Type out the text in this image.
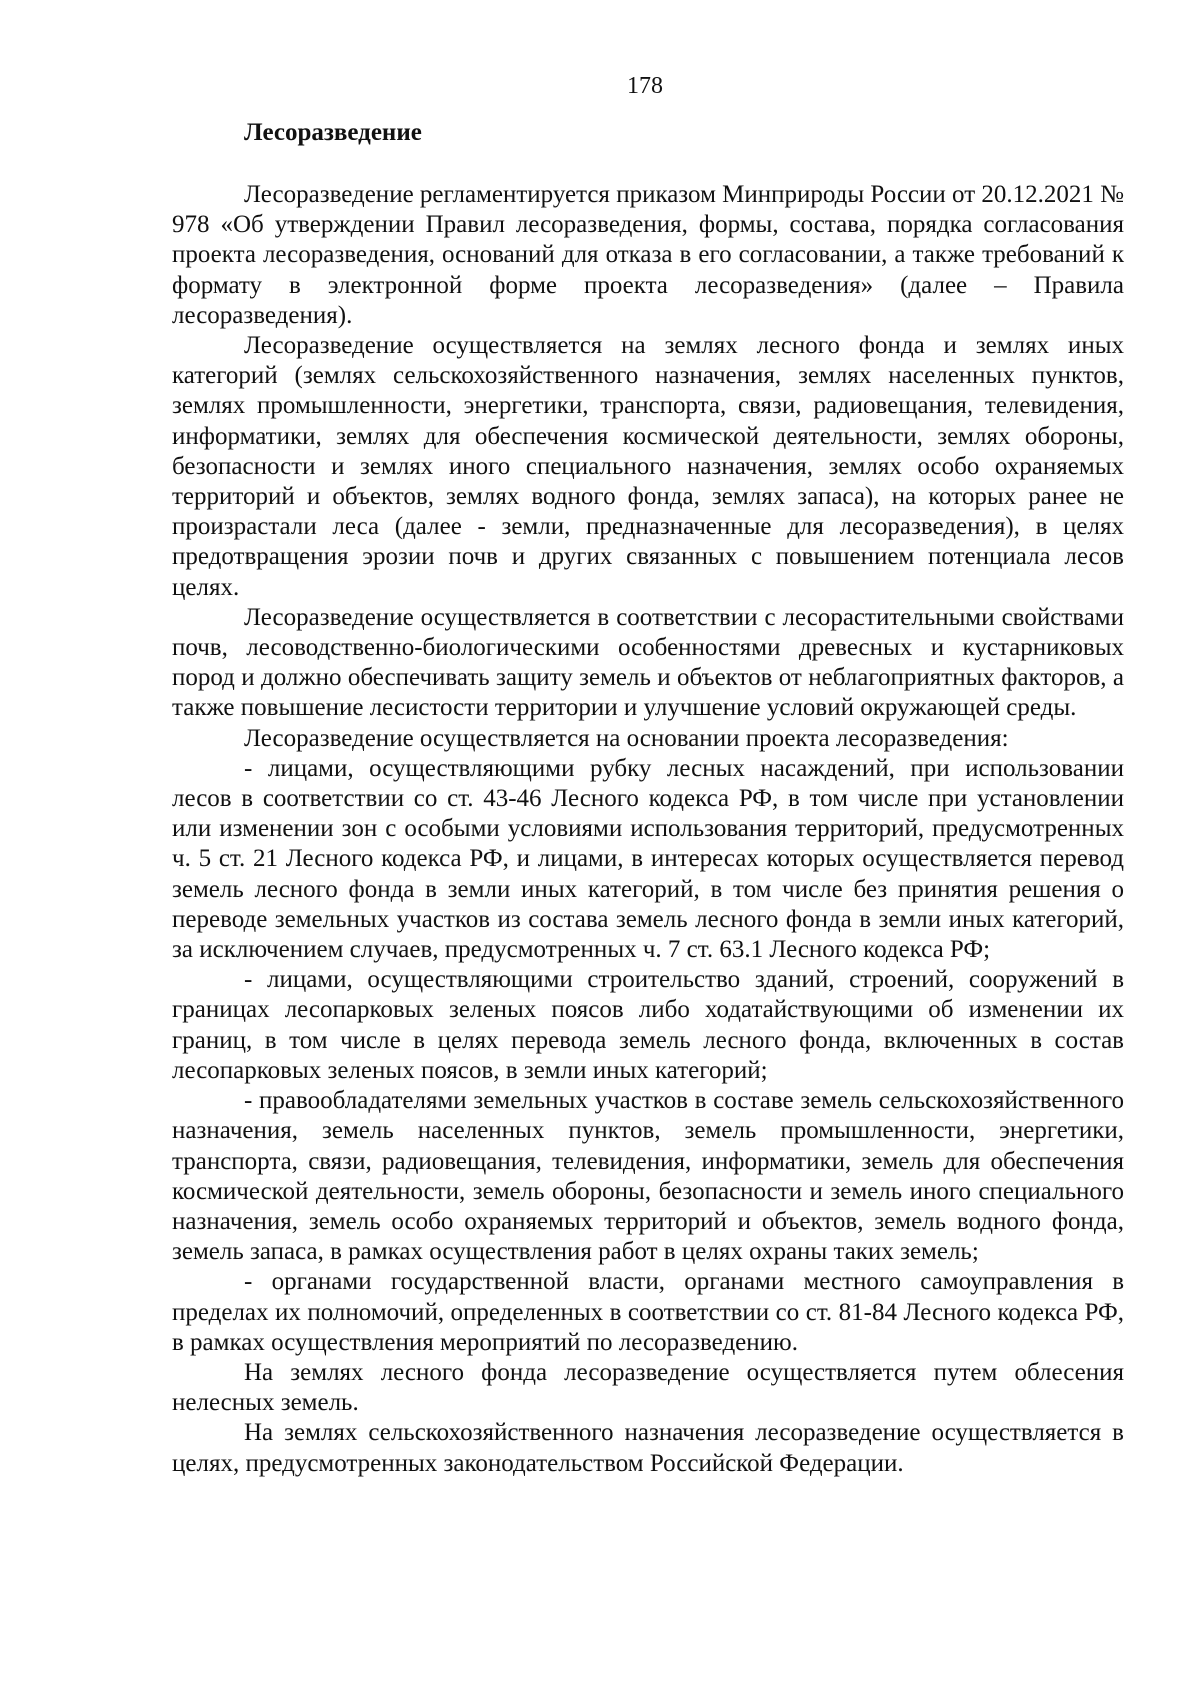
178

Лесоразведение

Лесоразведение регламентируется приказом Минприроды России от 20.12.2021 № 978 «Об утверждении Правил лесоразведения, формы, состава, порядка согласования проекта лесоразведения, оснований для отказа в его согласовании, а также требований к формату в электронной форме проекта лесоразведения» (далее – Правила лесоразведения).

Лесоразведение осуществляется на землях лесного фонда и землях иных категорий (землях сельскохозяйственного назначения, землях населенных пунктов, землях промышленности, энергетики, транспорта, связи, радиовещания, телевидения, информатики, землях для обеспечения космической деятельности, землях обороны, безопасности и землях иного специального назначения, землях особо охраняемых территорий и объектов, землях водного фонда, землях запаса), на которых ранее не произрастали леса (далее - земли, предназначенные для лесоразведения), в целях предотвращения эрозии почв и других связанных с повышением потенциала лесов целях.

Лесоразведение осуществляется в соответствии с лесорастительными свойствами почв, лесоводственно-биологическими особенностями древесных и кустарниковых пород и должно обеспечивать защиту земель и объектов от неблагоприятных факторов, а также повышение лесистости территории и улучшение условий окружающей среды.

Лесоразведение осуществляется на основании проекта лесоразведения:

- лицами, осуществляющими рубку лесных насаждений, при использовании лесов в соответствии со ст. 43-46 Лесного кодекса РФ, в том числе при установлении или изменении зон с особыми условиями использования территорий, предусмотренных ч. 5 ст. 21 Лесного кодекса РФ, и лицами, в интересах которых осуществляется перевод земель лесного фонда в земли иных категорий, в том числе без принятия решения о переводе земельных участков из состава земель лесного фонда в земли иных категорий, за исключением случаев, предусмотренных ч. 7 ст. 63.1 Лесного кодекса РФ;

- лицами, осуществляющими строительство зданий, строений, сооружений в границах лесопарковых зеленых поясов либо ходатайствующими об изменении их границ, в том числе в целях перевода земель лесного фонда, включенных в состав лесопарковых зеленых поясов, в земли иных категорий;

- правообладателями земельных участков в составе земель сельскохозяйственного назначения, земель населенных пунктов, земель промышленности, энергетики, транспорта, связи, радиовещания, телевидения, информатики, земель для обеспечения космической деятельности, земель обороны, безопасности и земель иного специального назначения, земель особо охраняемых территорий и объектов, земель водного фонда, земель запаса, в рамках осуществления работ в целях охраны таких земель;

- органами государственной власти, органами местного самоуправления в пределах их полномочий, определенных в соответствии со ст. 81-84 Лесного кодекса РФ, в рамках осуществления мероприятий по лесоразведению.

На землях лесного фонда лесоразведение осуществляется путем облесения нелесных земель.

На землях сельскохозяйственного назначения лесоразведение осуществляется в целях, предусмотренных законодательством Российской Федерации.
